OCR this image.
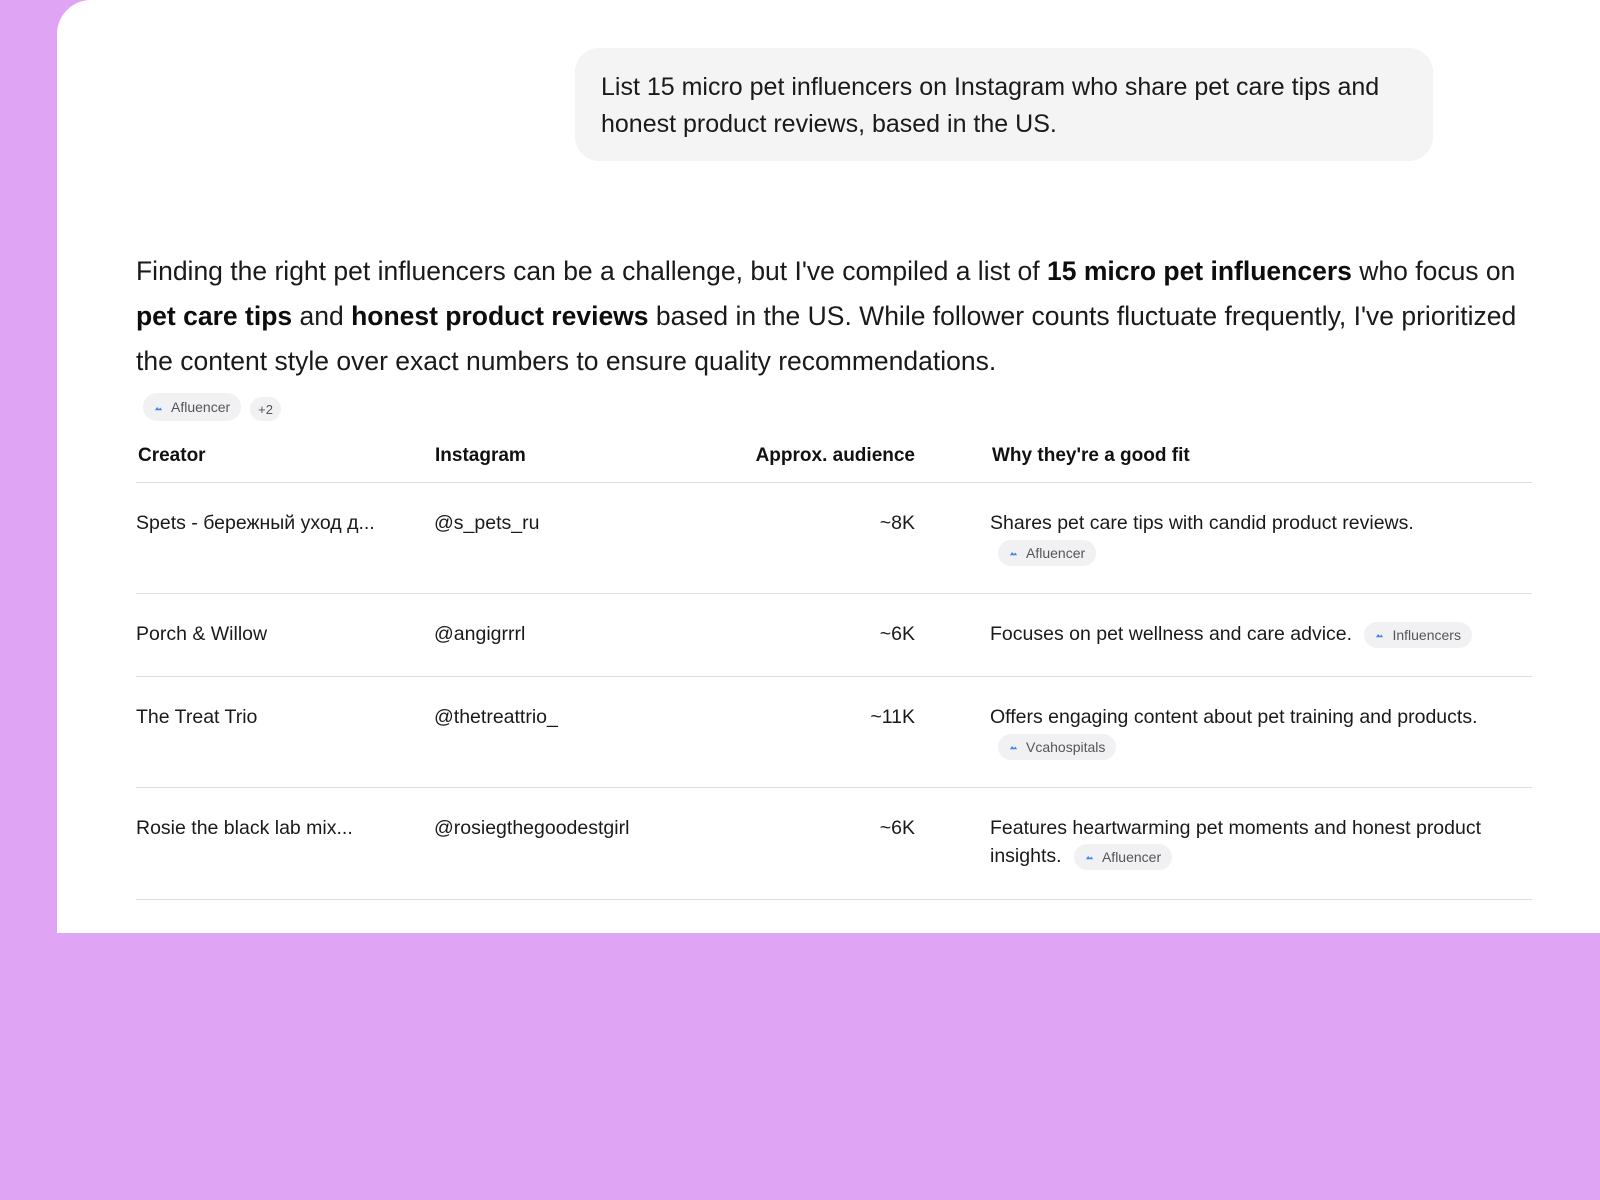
List 15 micro pet influencers on Instagram who share pet care tips and honest product reviews, based in the US.

Finding the right pet influencers can be a challenge, but I've compiled a list of 15 micro pet influencers who focus on pet care tips and honest product reviews based in the US. While follower counts fluctuate frequently, I've prioritized the content style over exact numbers to ensure quality recommendations.

Afluencer	+2
Creator	Instagram	Approx. audience	Why they're a good fit
Spets - бережный уход д...	@s_pets_ru	~8K	Shares pet care tips with candid product reviews.
Afluencer
Porch & Willow	@angigrrrl	~6K	Focuses on pet wellness and care advice.	Influencers
The Treat Trio	@thetreattrio_	~11K	Offers engaging content about pet training and products.
Vcahospitals
Rosie the black lab mix...	@rosiegthegoodestgirl	~6K	Features heartwarming pet moments and honest product insights.	Afluencer
